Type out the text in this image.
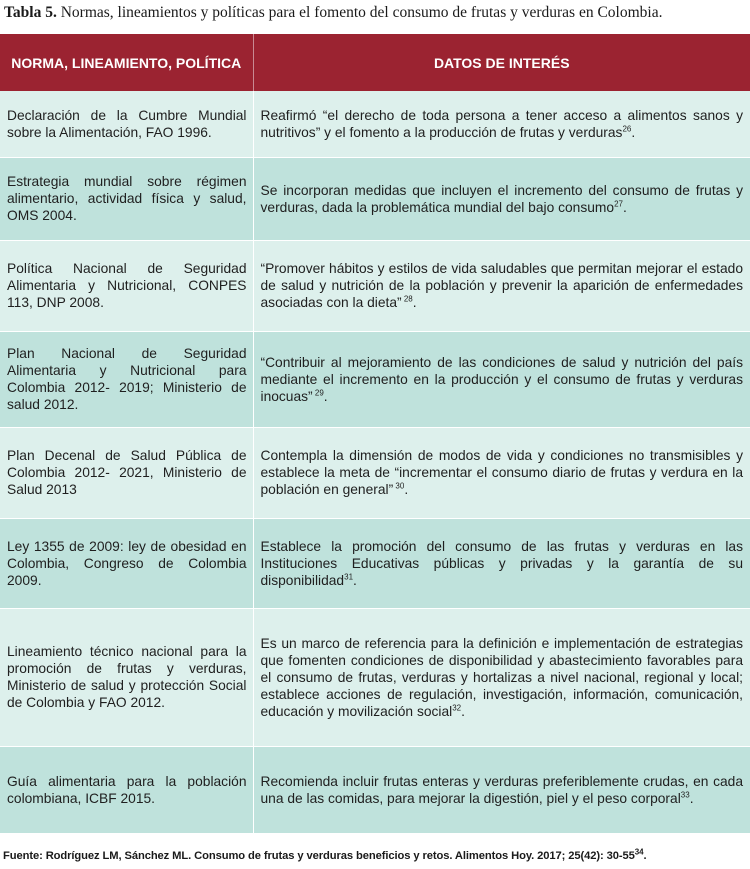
Tabla 5. Normas, lineamientos y políticas para el fomento del consumo de frutas y verduras en Colombia.
NORMA, LINEAMIENTO, POLÍTICA	DATOS DE INTERÉS
Declaración de la Cumbre Mundial sobre la Alimentación, FAO 1996.	Reafirmó “el derecho de toda persona a tener acceso a alimentos sanos y nutritivos” y el fomento a la producción de frutas y verduras$^{26}$.
Estrategia mundial sobre régimen alimentario, actividad física y salud, OMS 2004.	Se incorporan medidas que incluyen el incremento del consumo de frutas y verduras, dada la problemática mundial del bajo consumo$^{27}$.
Política Nacional de Seguridad Alimentaria y Nutricional, CONPES 113, DNP 2008.	“Promover hábitos y estilos de vida saludables que permitan mejorar el estado de salud y nutrición de la población y prevenir la aparición de enfermedades asociadas con la dieta” $^{28}$.
Plan Nacional de Seguridad Alimentaria y Nutricional para Colombia 2012- 2019; Ministerio de salud 2012.	“Contribuir al mejoramiento de las condiciones de salud y nutrición del país mediante el incremento en la producción y el consumo de frutas y verduras inocuas” $^{29}$.
Plan Decenal de Salud Pública de Colombia 2012- 2021, Ministerio de Salud 2013	Contempla la dimensión de modos de vida y condiciones no transmisibles y establece la meta de “incrementar el consumo diario de frutas y verdura en la población en general” $^{30}$.
Ley 1355 de 2009: ley de obesidad en Colombia, Congreso de Colombia 2009.	Establece la promoción del consumo de las frutas y verduras en las Instituciones Educativas públicas y privadas y la garantía de su disponibilidad$^{31}$.
Lineamiento técnico nacional para la promoción de frutas y verduras, Ministerio de salud y protección Social de Colombia y FAO 2012.	Es un marco de referencia para la definición e implementación de estrategias que fomenten condiciones de disponibilidad y abastecimiento favorables para el consumo de frutas, verduras y hortalizas a nivel nacional, regional y local; establece acciones de regulación, investigación, información, comunicación, educación y movilización social$^{32}$.
Guía alimentaria para la población colombiana, ICBF 2015.	Recomienda incluir frutas enteras y verduras preferiblemente crudas, en cada una de las comidas, para mejorar la digestión, piel y el peso corporal$^{33}$.
Fuente: Rodríguez LM, Sánchez ML. Consumo de frutas y verduras beneficios y retos. Alimentos Hoy. 2017; 25(42): $30-55^{34}$.
